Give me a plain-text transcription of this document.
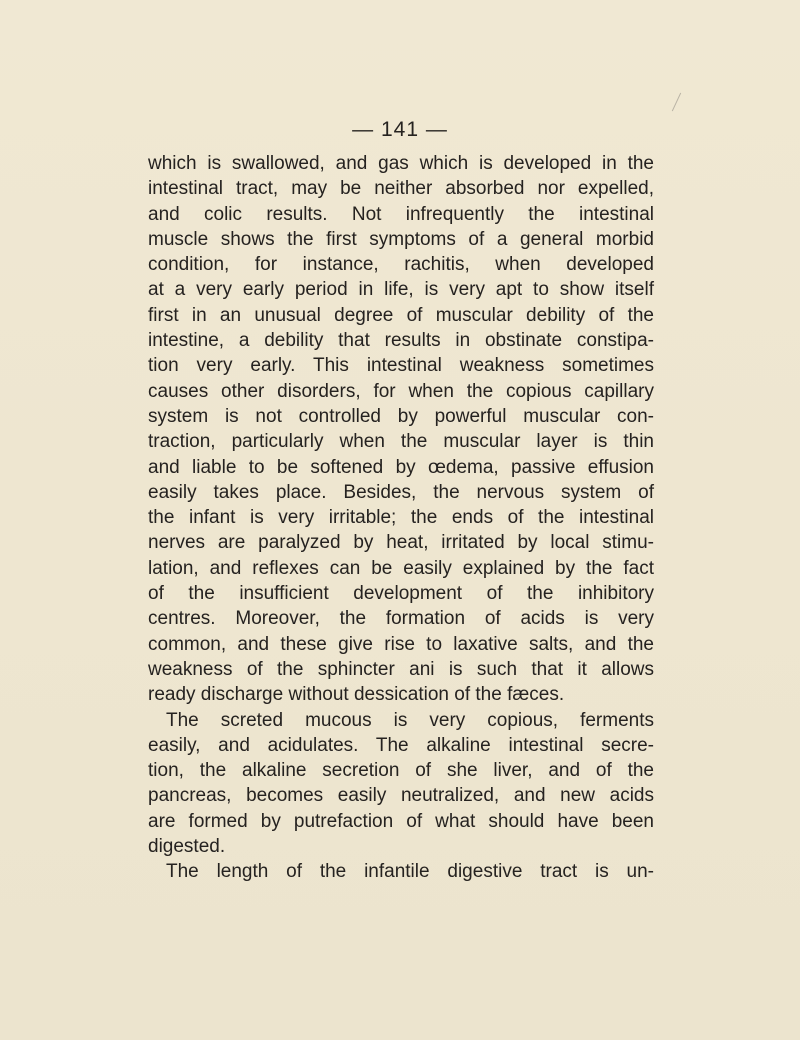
— 141 —
which is swallowed, and gas which is developed in the
intestinal tract, may be neither absorbed nor expelled,
and colic results. Not infrequently the intestinal
muscle shows the first symptoms of a general morbid
condition, for instance, rachitis, when developed
at a very early period in life, is very apt to show itself
first in an unusual degree of muscular debility of the
intestine, a debility that results in obstinate constipa-
tion very early. This intestinal weakness sometimes
causes other disorders, for when the copious capillary
system is not controlled by powerful muscular con-
traction, particularly when the muscular layer is thin
and liable to be softened by œdema, passive effusion
easily takes place. Besides, the nervous system of
the infant is very irritable; the ends of the intestinal
nerves are paralyzed by heat, irritated by local stimu-
lation, and reflexes can be easily explained by the fact
of the insufficient development of the inhibitory
centres. Moreover, the formation of acids is very
common, and these give rise to laxative salts, and the
weakness of the sphincter ani is such that it allows
ready discharge without dessication of the fæces.
The screted mucous is very copious, ferments
easily, and acidulates. The alkaline intestinal secre-
tion, the alkaline secretion of she liver, and of the
pancreas, becomes easily neutralized, and new acids
are formed by putrefaction of what should have been
digested.
The length of the infantile digestive tract is un-
